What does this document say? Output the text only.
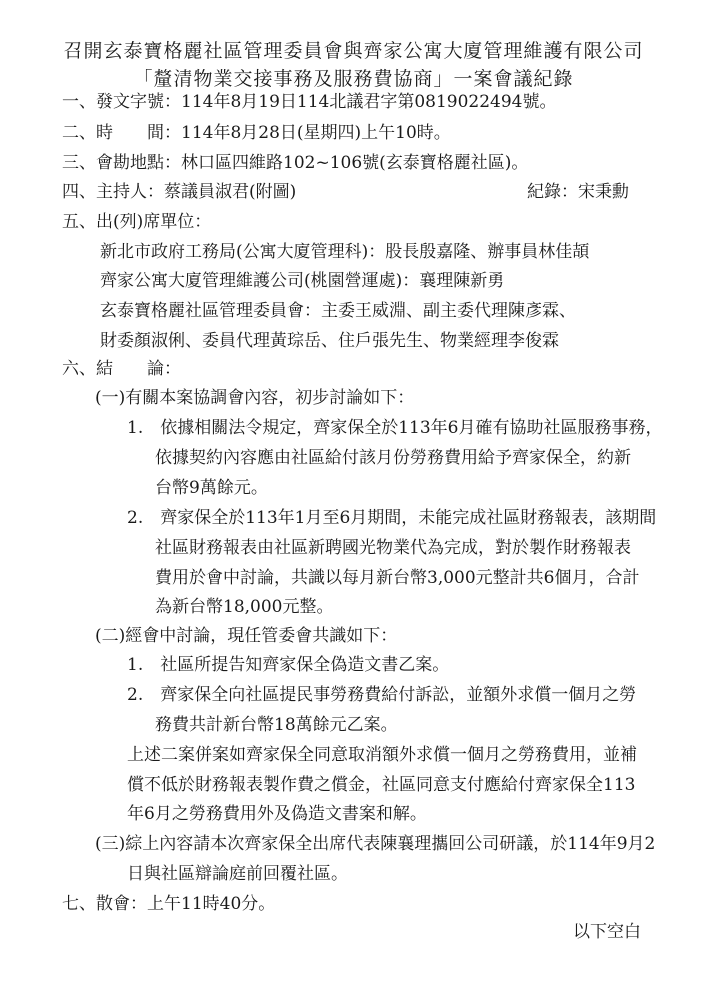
召開玄泰寶格麗社區管理委員會與齊家公寓大廈管理維護有限公司
「釐清物業交接事務及服務費協商」一案會議紀錄
一、發文字號：114年8月19日114北議君字第0819022494號。
二、時　　間：114年8月28日(星期四)上午10時。
三、會勘地點：林口區四維路102~106號(玄泰寶格麗社區)。
四、主持人：蔡議員淑君(附圖)	紀錄：宋秉勳
五、出(列)席單位：
新北市政府工務局(公寓大廈管理科)：股長殷嘉隆、辦事員林佳頡
齊家公寓大廈管理維護公司(桃園營運處)：襄理陳新勇
玄泰寶格麗社區管理委員會：主委王威淵、副主委代理陳彥霖、
財委顏淑俐、委員代理黃琮岳、住戶張先生、物業經理李俊霖
六、結　　論：
(一)有關本案協調會內容，初步討論如下：
1.　依據相關法令規定，齊家保全於113年6月確有協助社區服務事務，
依據契約內容應由社區給付該月份勞務費用給予齊家保全，約新
台幣9萬餘元。
2.　齊家保全於113年1月至6月期間，未能完成社區財務報表，該期間
社區財務報表由社區新聘國光物業代為完成，對於製作財務報表
費用於會中討論，共識以每月新台幣3,000元整計共6個月，合計
為新台幣18,000元整。
(二)經會中討論，現任管委會共識如下：
1.　社區所提告知齊家保全偽造文書乙案。
2.　齊家保全向社區提民事勞務費給付訴訟，並額外求償一個月之勞
務費共計新台幣18萬餘元乙案。
上述二案併案如齊家保全同意取消額外求償一個月之勞務費用，並補
償不低於財務報表製作費之償金，社區同意支付應給付齊家保全113
年6月之勞務費用外及偽造文書案和解。
(三)綜上內容請本次齊家保全出席代表陳襄理攜回公司研議，於114年9月2
日與社區辯論庭前回覆社區。
七、散會：上午11時40分。
以下空白
